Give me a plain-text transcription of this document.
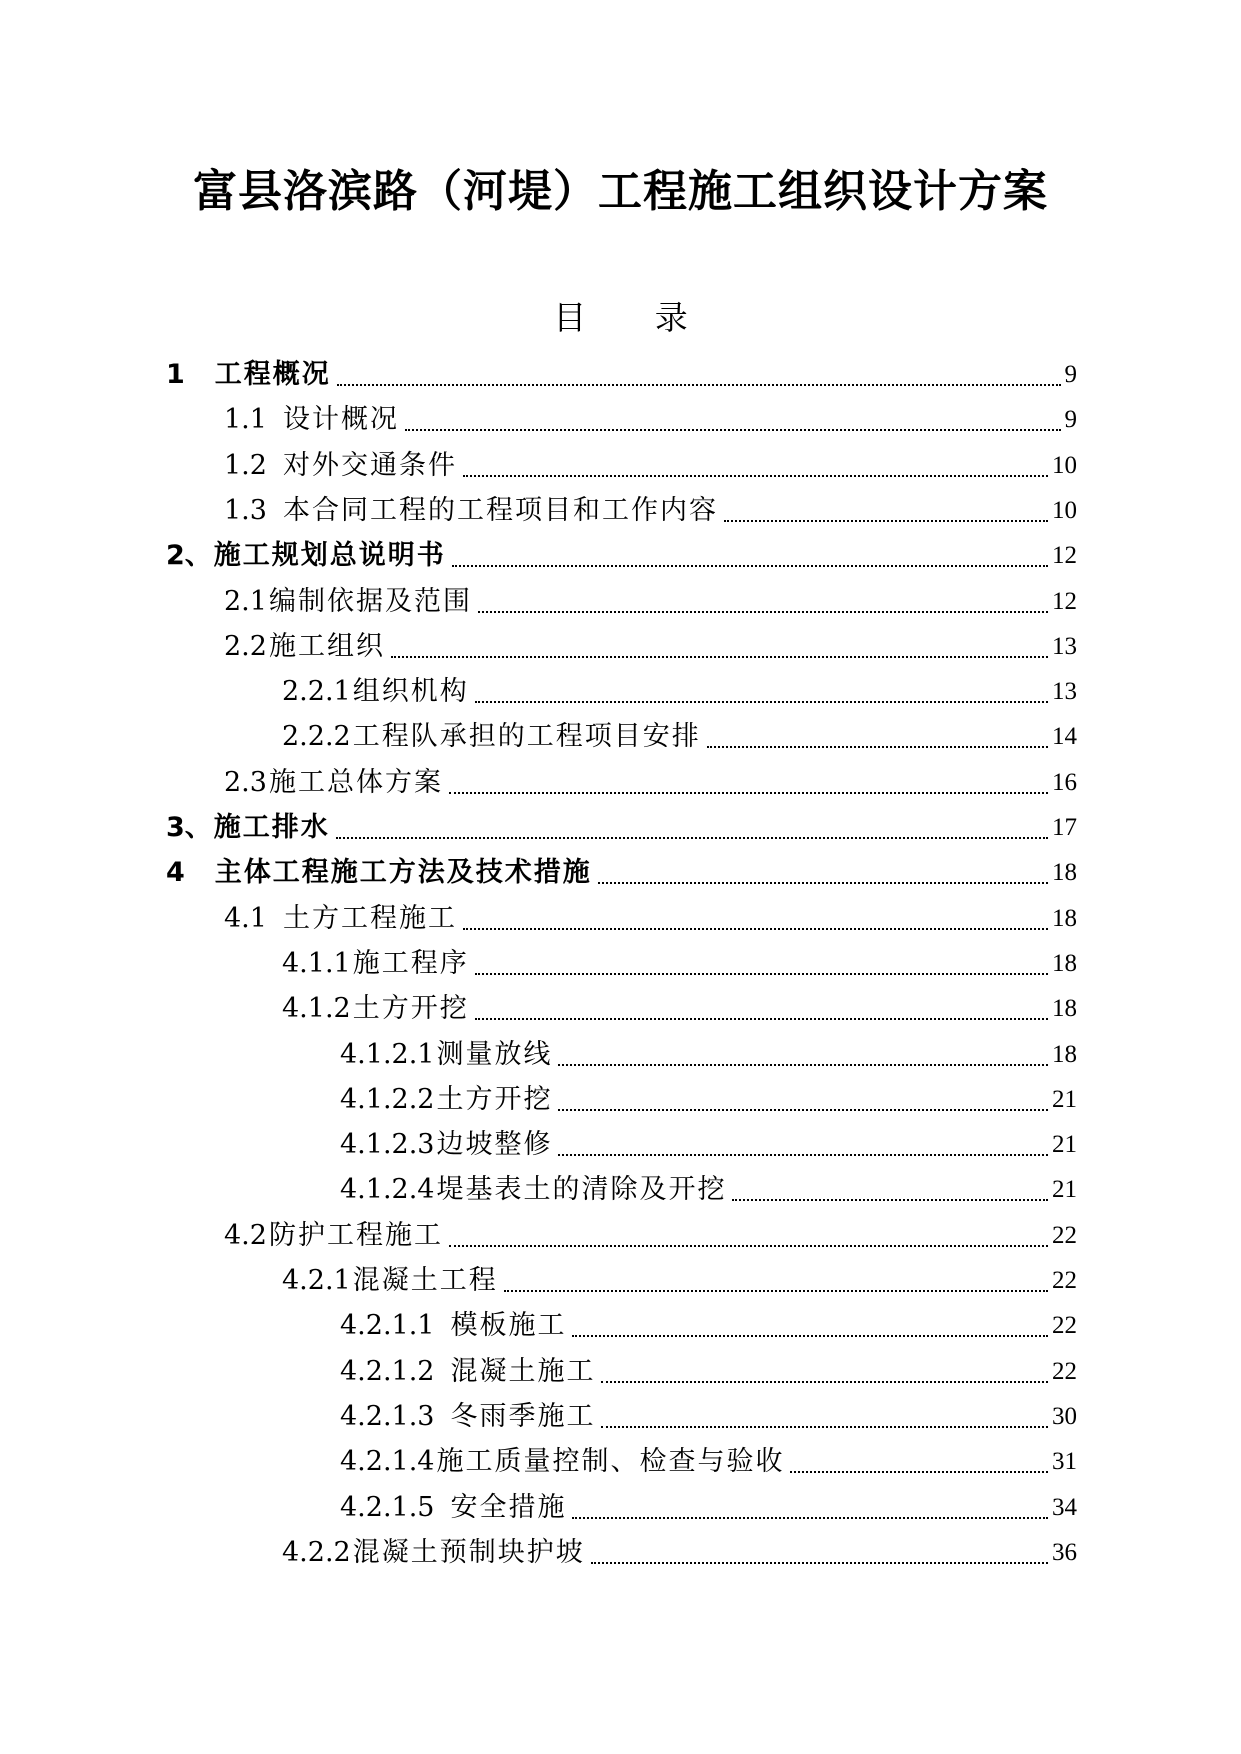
富县洛滨路（河堤）工程施工组织设计方案
目 录
1 工程概况	9
1.1 设计概况	9
1.2 对外交通条件	10
1.3 本合同工程的工程项目和工作内容	10
2、 施工规划总说明书	12
2.1 编制依据及范围	12
2.2 施工组织	13
2.2.1 组织机构	13
2.2.2 工程队承担的工程项目安排	14
2.3 施工总体方案	16
3、 施工排水	17
4 主体工程施工方法及技术措施	18
4.1 土方工程施工	18
4.1.1 施工程序	18
4.1.2 土方开挖	18
4.1.2.1 测量放线	18
4.1.2.2 土方开挖	21
4.1.2.3 边坡整修	21
4.1.2.4 堤基表土的清除及开挖	21
4.2 防护工程施工	22
4.2.1 混凝土工程	22
4.2.1.1 模板施工	22
4.2.1.2 混凝土施工	22
4.2.1.3 冬雨季施工	30
4.2.1.4 施工质量控制、检查与验收	31
4.2.1.5 安全措施	34
4.2.2 混凝土预制块护坡	36
